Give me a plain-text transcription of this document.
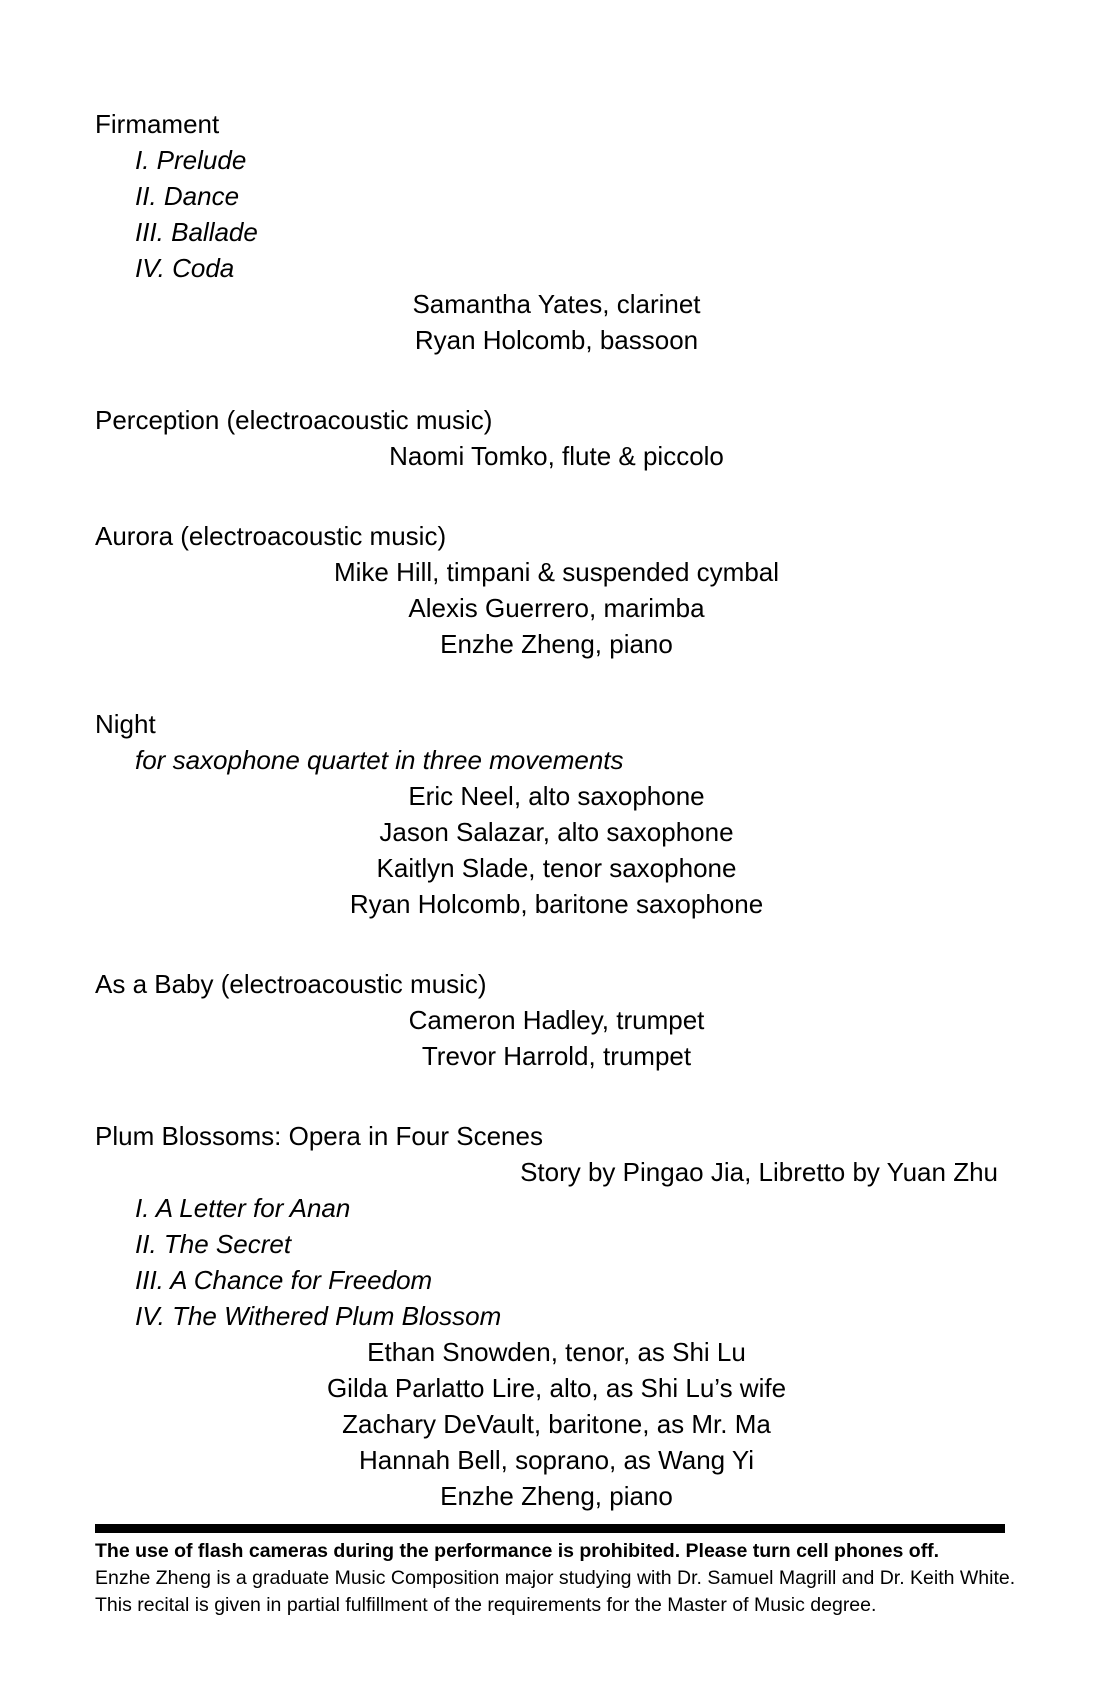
Firmament
I. Prelude
II. Dance
III. Ballade
IV. Coda
Samantha Yates, clarinet
Ryan Holcomb, bassoon
Perception (electroacoustic music)
Naomi Tomko, flute & piccolo
Aurora (electroacoustic music)
Mike Hill, timpani & suspended cymbal
Alexis Guerrero, marimba
Enzhe Zheng, piano
Night
for saxophone quartet in three movements
Eric Neel, alto saxophone
Jason Salazar, alto saxophone
Kaitlyn Slade, tenor saxophone
Ryan Holcomb, baritone saxophone
As a Baby (electroacoustic music)
Cameron Hadley, trumpet
Trevor Harrold, trumpet
Plum Blossoms: Opera in Four Scenes
Story by Pingao Jia, Libretto by Yuan Zhu
I. A Letter for Anan
II. The Secret
III. A Chance for Freedom
IV. The Withered Plum Blossom
Ethan Snowden, tenor, as Shi Lu
Gilda Parlatto Lire, alto, as Shi Lu’s wife
Zachary DeVault, baritone, as Mr. Ma
Hannah Bell, soprano, as Wang Yi
Enzhe Zheng, piano
The use of flash cameras during the performance is prohibited. Please turn cell phones off.
Enzhe Zheng is a graduate Music Composition major studying with Dr. Samuel Magrill and Dr. Keith White.
This recital is given in partial fulfillment of the requirements for the Master of Music degree.
